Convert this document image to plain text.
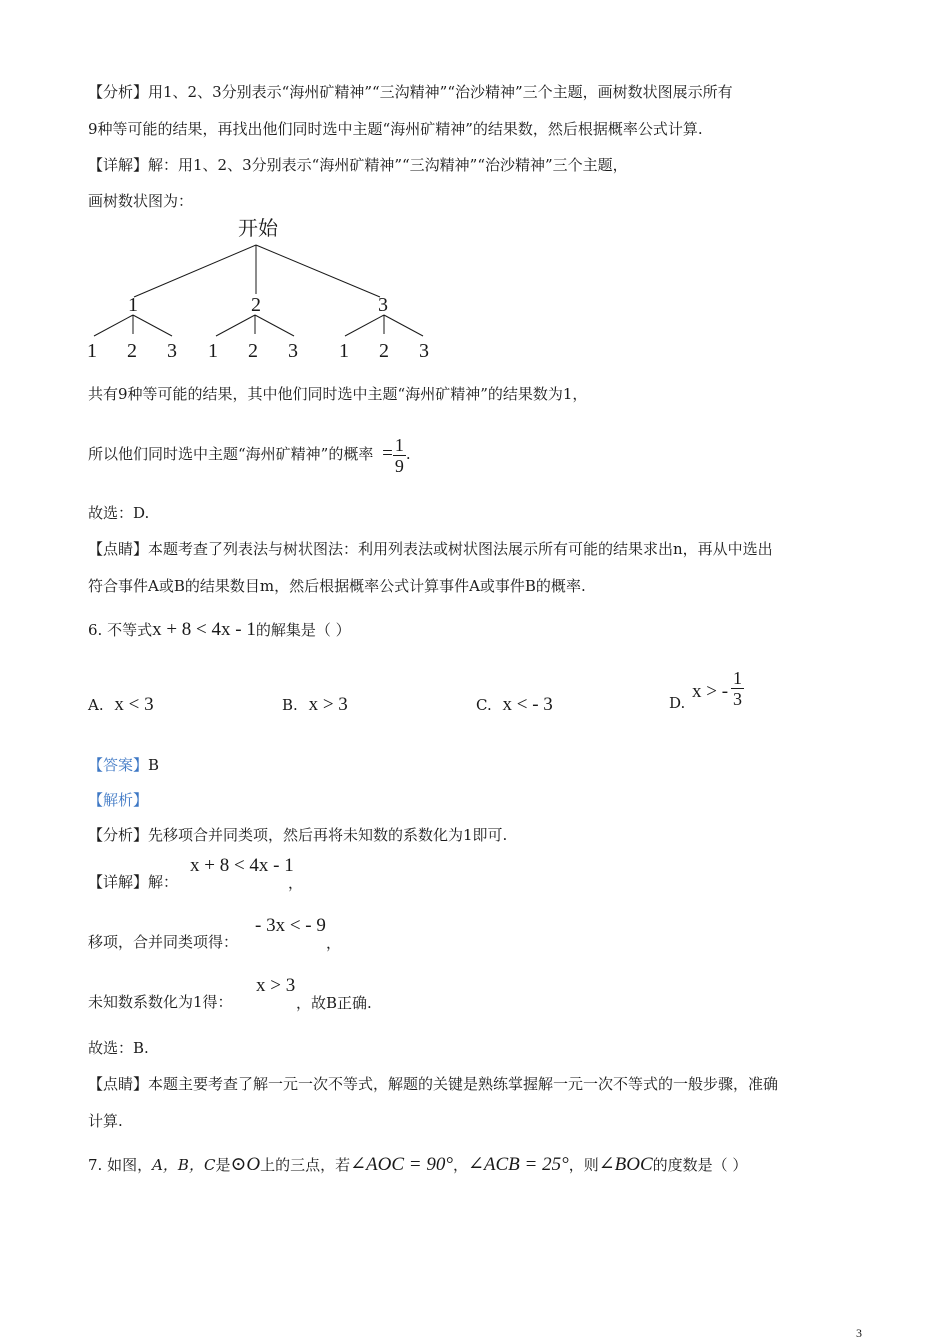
【分析】用1、2、3分别表示“海州矿精神”“三沟精神”“治沙精神”三个主题，画树数状图展示所有
9种等可能的结果，再找出他们同时选中主题“海州矿精神”的结果数，然后根据概率公式计算.
【详解】解：用1、2、3分别表示“海州矿精神”“三沟精神”“治沙精神”三个主题，
画树数状图为：
开始
1	2	3
1 2 3 1 2 3 1 2 3
共有9种等可能的结果，其中他们同时选中主题“海州矿精神”的结果数为1，
所以他们同时选中主题“海州矿精神”的概率 = $\frac{1}{9}$ .
故选：D.
【点睛】本题考查了列表法与树状图法：利用列表法或树状图法展示所有可能的结果求出n，再从中选出
符合事件A或B的结果数目m，然后根据概率公式计算事件A或事件B的概率.
6. 不等式x + 8 < 4x - 1的解集是（ ）
A. x < 3	B. x > 3	C. x < - 3	D.
x > - $\frac{1}{3}$
【答案】B
【解析】
【分析】先移项合并同类项，然后再将未知数的系数化为1即可.
【详解】解：
x + 8 < 4x - 1
，
移项，合并同类项得：
- 3x < - 9
，
未知数系数化为1得：
x > 3
，故B正确.
故选：B.
【点睛】本题主要考查了解一元一次不等式，解题的关键是熟练掌握解一元一次不等式的一般步骤，准确
计算.
7. 如图，A，B，C是⊙O上的三点，若∠AOC = 90°，∠ACB = 25°，则∠BOC的度数是（ ）
3
